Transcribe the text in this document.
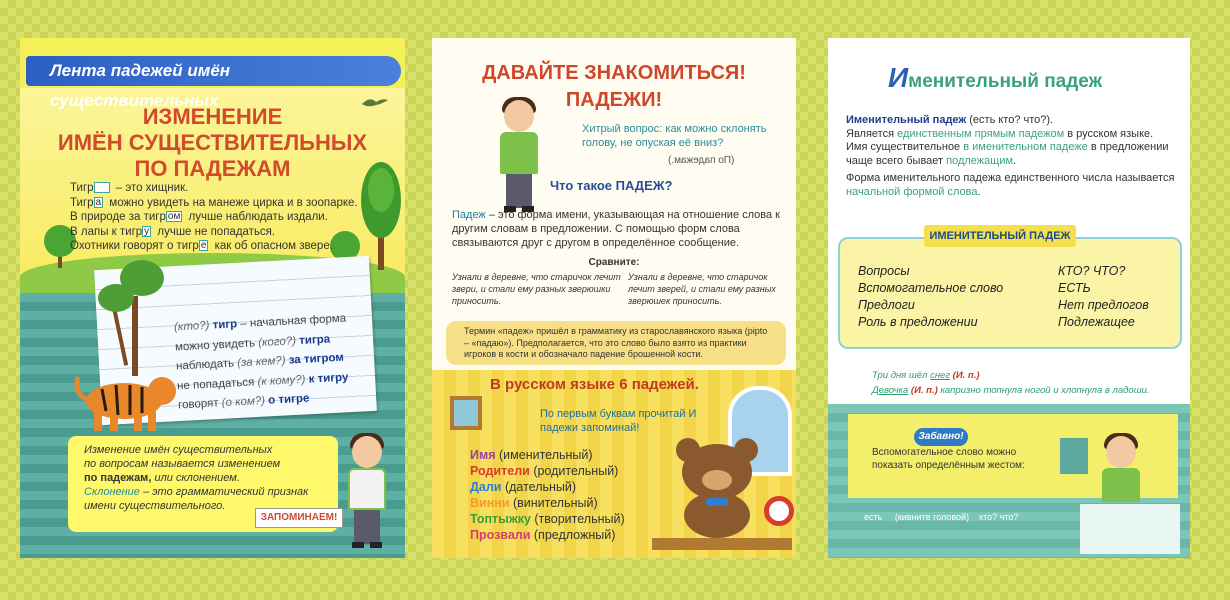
Лента падежей имён существительных
ИЗМЕНЕНИЕ
ИМЁН СУЩЕСТВИТЕЛЬНЫХ
ПО ПАДЕЖАМ
Тигр – это хищник.
Тигр а можно увидеть на манеже цирка и в зоопарке.
В природе за тигр ом лучше наблюдать издали.
В лапы к тигр у лучше не попадаться.
Охотники говорят о тигр е как об опасном звере.
(кто?) тигр – начальная форма
можно увидеть (кого?) тигра
наблюдать (за кем?) за тигром
не попадаться (к кому?) к тигру
говорят (о ком?) о тигре
Изменение имён существительных
по вопросам называется изменением
по падежам, или склонением.
Склонение – это грамматический признак
имени существительного.
ЗАПОМИНАЕМ!
ДАВАЙТЕ ЗНАКОМИТЬСЯ!
ПАДЕЖИ!
Хитрый вопрос: как можно склонять голову, не опуская её вниз?
(По падежам.)
Что такое ПАДЕЖ?
Падеж – это форма имени, указывающая на отношение слова к другим словам в предложении. С помощью форм слова связываются друг с другом в определённое сообщение.
Сравните:
Узнали в деревне, что старичок лечит звери, и стали ему разных зверюшки приносить.
Узнали в деревне, что старичок лечит зверей, и стали ему разных зверюшек приносить.
Термин «падеж» пришёл в грамматику из старославянского языка (pipto – «падаю»). Предполагается, что это слово было взято из практики игроков в кости и обозначало падение брошенной кости.
В русском языке 6 падежей.
По первым буквам прочитай И падежи запоминай!
Имя (именительный)
Родители (родительный)
Дали (дательный)
Винни (винительный)
Топтыжку (творительный)
Прозвали (предложный)
Именительный падеж
Именительный падеж (есть кто? что?).
Является единственным прямым падежом в русском языке.
Имя существительное в именительном падеже в предложении чаще всего бывает подлежащим.
Форма именительного падежа единственного числа называется начальной формой слова.
ИМЕНИТЕЛЬНЫЙ ПАДЕЖ
Вопросы
Вспомогательное слово
Предлоги
Роль в предложении
КТО? ЧТО?
ЕСТЬ
Нет предлогов
Подлежащее
Три дня шёл снег (И. п.)
Девочка (И. п.) капризно топнула ногой и хлопнула в ладоши.
Забавно!
Вспомогательное слово можно показать определённым жестом:
есть (кивните головой) кто? что?
